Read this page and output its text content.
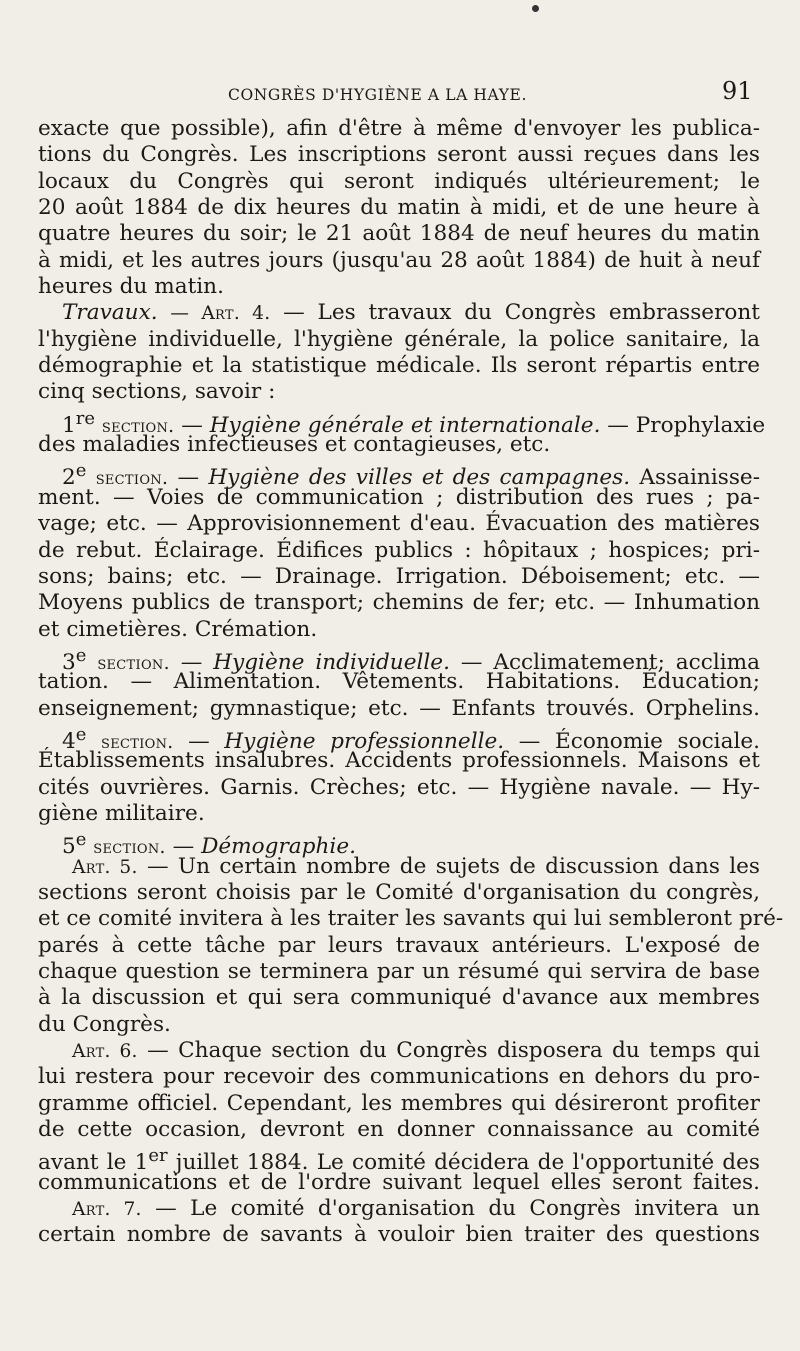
CONGRÈS D'HYGIÈNE A LA HAYE.	91
exacte que possible), afin d'être à même d'envoyer les publica-
tions du Congrès. Les inscriptions seront aussi reçues dans les
locaux du Congrès qui seront indiqués ultérieurement; le
20 août 1884 de dix heures du matin à midi, et de une heure à
quatre heures du soir; le 21 août 1884 de neuf heures du matin
à midi, et les autres jours (jusqu'au 28 août 1884) de huit à neuf
heures du matin.
Travaux. — Art. 4. — Les travaux du Congrès embrasseront
l'hygiène individuelle, l'hygiène générale, la police sanitaire, la
démographie et la statistique médicale. Ils seront répartis entre
cinq sections, savoir :
1re section. — Hygiène générale et internationale. — Prophylaxie
des maladies infectieuses et contagieuses, etc.
2e section. — Hygiène des villes et des campagnes. Assainisse-
ment. — Voies de communication ; distribution des rues ; pa-
vage; etc. — Approvisionnement d'eau. Évacuation des matières
de rebut. Éclairage. Édifices publics : hôpitaux ; hospices; pri-
sons; bains; etc. — Drainage. Irrigation. Déboisement; etc. —
Moyens publics de transport; chemins de fer; etc. — Inhumation
et cimetières. Crémation.
3e section. — Hygiène individuelle. — Acclimatement; acclima
tation. — Alimentation. Vêtements. Habitations. Éducation;
enseignement; gymnastique; etc. — Enfants trouvés. Orphelins.
4e section. — Hygiène professionnelle. — Économie sociale.
Établissements insalubres. Accidents professionnels. Maisons et
cités ouvrières. Garnis. Crèches; etc. — Hygiène navale. — Hy-
giène militaire.
5e section. — Démographie.
Art. 5. — Un certain nombre de sujets de discussion dans les
sections seront choisis par le Comité d'organisation du congrès,
et ce comité invitera à les traiter les savants qui lui sembleront pré-
parés à cette tâche par leurs travaux antérieurs. L'exposé de
chaque question se terminera par un résumé qui servira de base
à la discussion et qui sera communiqué d'avance aux membres
du Congrès.
Art. 6. — Chaque section du Congrès disposera du temps qui
lui restera pour recevoir des communications en dehors du pro-
gramme officiel. Cependant, les membres qui désireront profiter
de cette occasion, devront en donner connaissance au comité
avant le 1er juillet 1884. Le comité décidera de l'opportunité des
communications et de l'ordre suivant lequel elles seront faites.
Art. 7. — Le comité d'organisation du Congrès invitera un
certain nombre de savants à vouloir bien traiter des questions
